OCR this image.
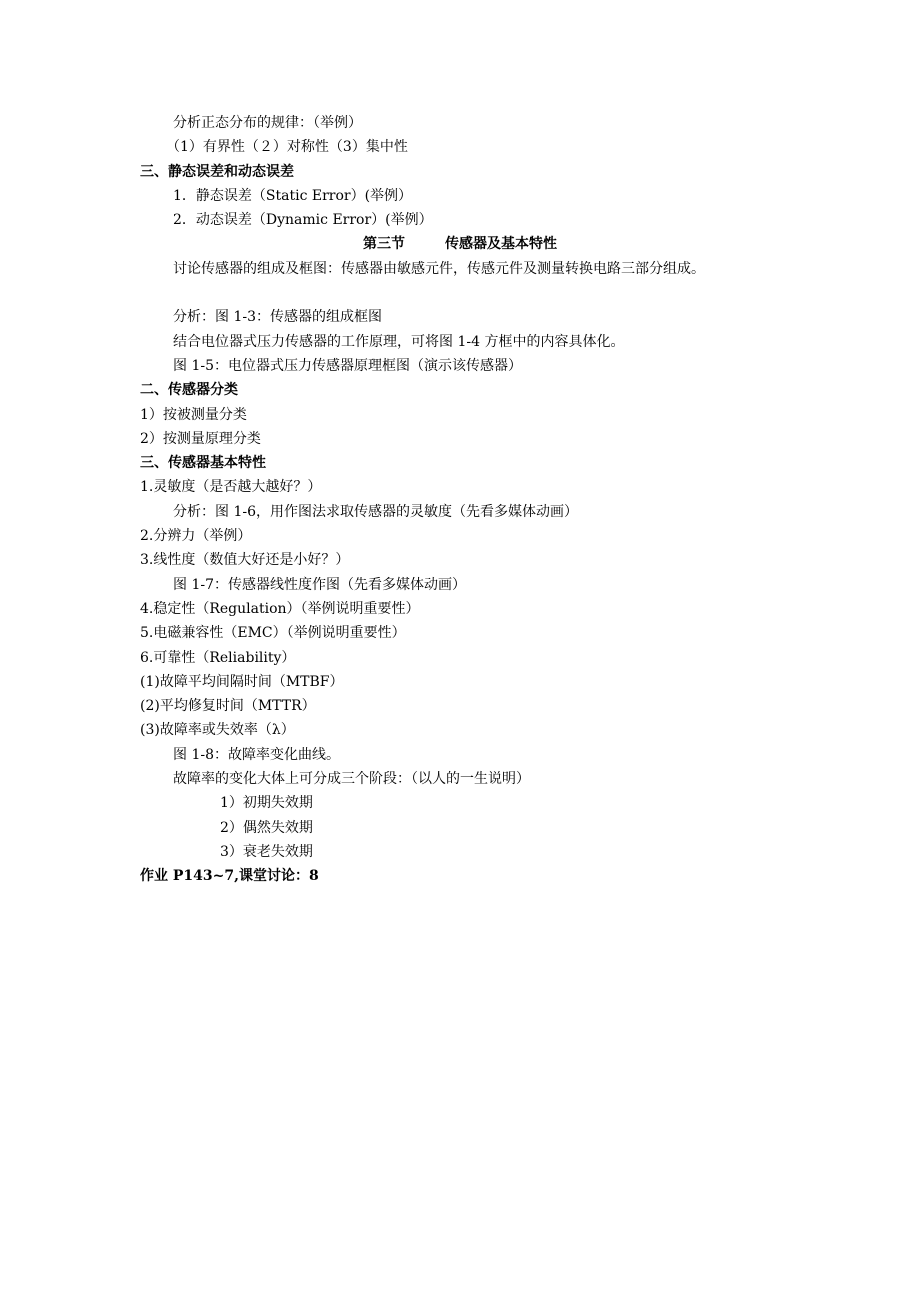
分析正态分布的规律：（举例）
（1）有界性（２）对称性（3）集中性
三、静态误差和动态误差
1．静态误差（Static Error）(举例）
2．动态误差（Dynamic Error）(举例）
第三节	传感器及基本特性
讨论传感器的组成及框图：传感器由敏感元件，传感元件及测量转换电路三部分组成。
分析：图 1-3：传感器的组成框图
结合电位器式压力传感器的工作原理，可将图 1-4 方框中的内容具体化。
图 1-5：电位器式压力传感器原理框图（演示该传感器）
二、传感器分类
1）按被测量分类
2）按测量原理分类
三、传感器基本特性
1.灵敏度（是否越大越好？）
分析：图 1-6，用作图法求取传感器的灵敏度（先看多媒体动画）
2.分辨力（举例）
3.线性度（数值大好还是小好？）
图 1-7：传感器线性度作图（先看多媒体动画）
4.稳定性（Regulation）（举例说明重要性）
5.电磁兼容性（EMC）（举例说明重要性）
6.可靠性（Reliability）
(1)故障平均间隔时间（MTBF）
(2)平均修复时间（MTTR）
(3)故障率或失效率（λ）
图 1-8：故障率变化曲线。
故障率的变化大体上可分成三个阶段：（以人的一生说明）
1）初期失效期
2）偶然失效期
3）衰老失效期
作业 P143~7,课堂讨论：8
